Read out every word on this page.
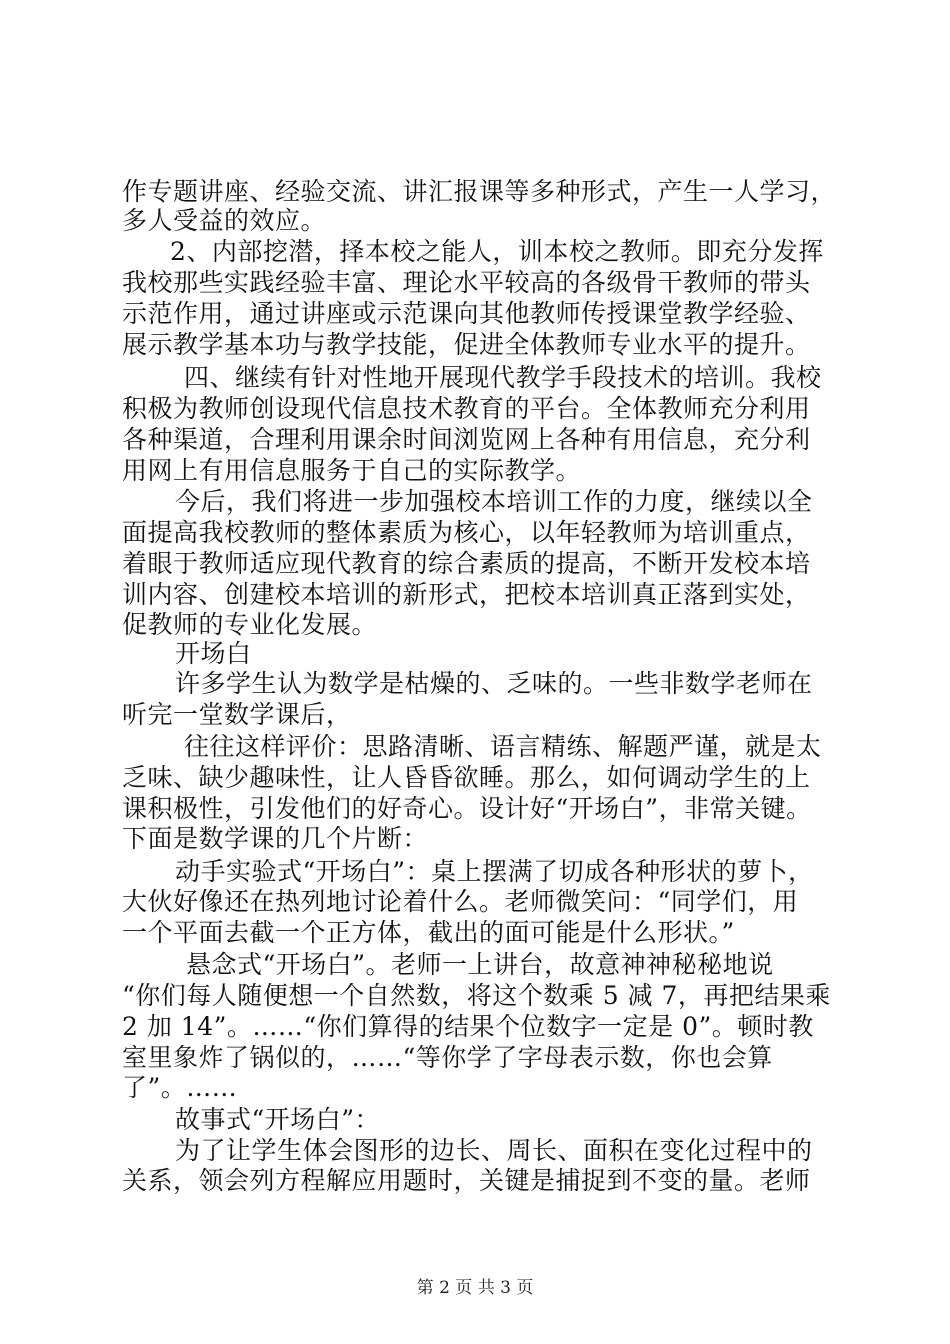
作专题讲座、经验交流、讲汇报课等多种形式，产生一人学习，
多人受益的效应。
2、内部挖潜，择本校之能人，训本校之教师。即充分发挥
我校那些实践经验丰富、理论水平较高的各级骨干教师的带头
示范作用，通过讲座或示范课向其他教师传授课堂教学经验、
展示教学基本功与教学技能，促进全体教师专业水平的提升。
四、继续有针对性地开展现代教学手段技术的培训。我校
积极为教师创设现代信息技术教育的平台。全体教师充分利用
各种渠道，合理利用课余时间浏览网上各种有用信息，充分利
用网上有用信息服务于自己的实际教学。
今后，我们将进一步加强校本培训工作的力度，继续以全
面提高我校教师的整体素质为核心，以年轻教师为培训重点，
着眼于教师适应现代教育的综合素质的提高，不断开发校本培
训内容、创建校本培训的新形式，把校本培训真正落到实处，
促教师的专业化发展。
开场白
许多学生认为数学是枯燥的、乏味的。一些非数学老师在
听完一堂数学课后，
往往这样评价：思路清晰、语言精练、解题严谨，就是太
乏味、缺少趣味性，让人昏昏欲睡。那么，如何调动学生的上
课积极性，引发他们的好奇心。设计好“开场白”，非常关键。
下面是数学课的几个片断：
动手实验式“开场白”：桌上摆满了切成各种形状的萝卜，
大伙好像还在热列地讨论着什么。老师微笑问：“同学们，用
一个平面去截一个正方体，截出的面可能是什么形状。”
悬念式“开场白”。老师一上讲台，故意神神秘秘地说
“你们每人随便想一个自然数，将这个数乘 5 减 7，再把结果乘
2 加 14”。……“你们算得的结果个位数字一定是 0”。顿时教
室里象炸了锅似的，……“等你学了字母表示数，你也会算
了”。……
故事式“开场白”：
为了让学生体会图形的边长、周长、面积在变化过程中的
关系，领会列方程解应用题时，关键是捕捉到不变的量。老师
第 2 页 共 3 页
